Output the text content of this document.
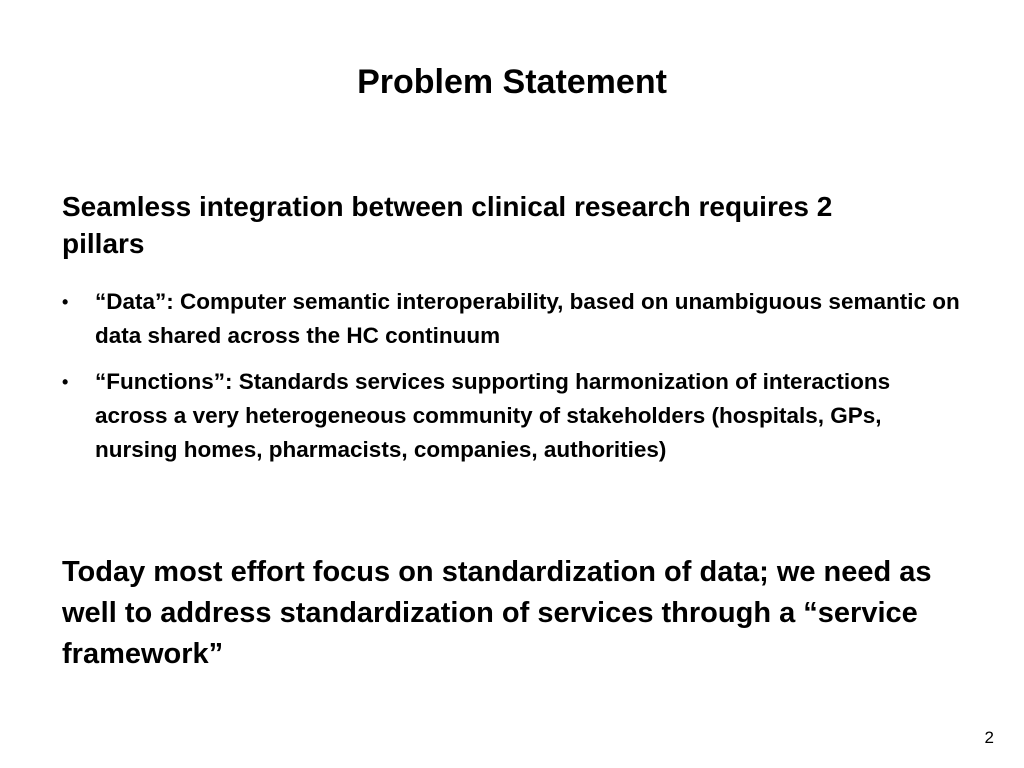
Problem Statement

Seamless integration between clinical research requires 2 pillars

• “Data”: Computer semantic interoperability, based on unambiguous semantic on data shared across the HC continuum
• “Functions”: Standards services supporting harmonization of interactions across a very heterogeneous community of stakeholders (hospitals, GPs, nursing homes, pharmacists, companies, authorities)

Today most effort focus on standardization of data; we need as well to address standardization of services through a “service framework”

2
